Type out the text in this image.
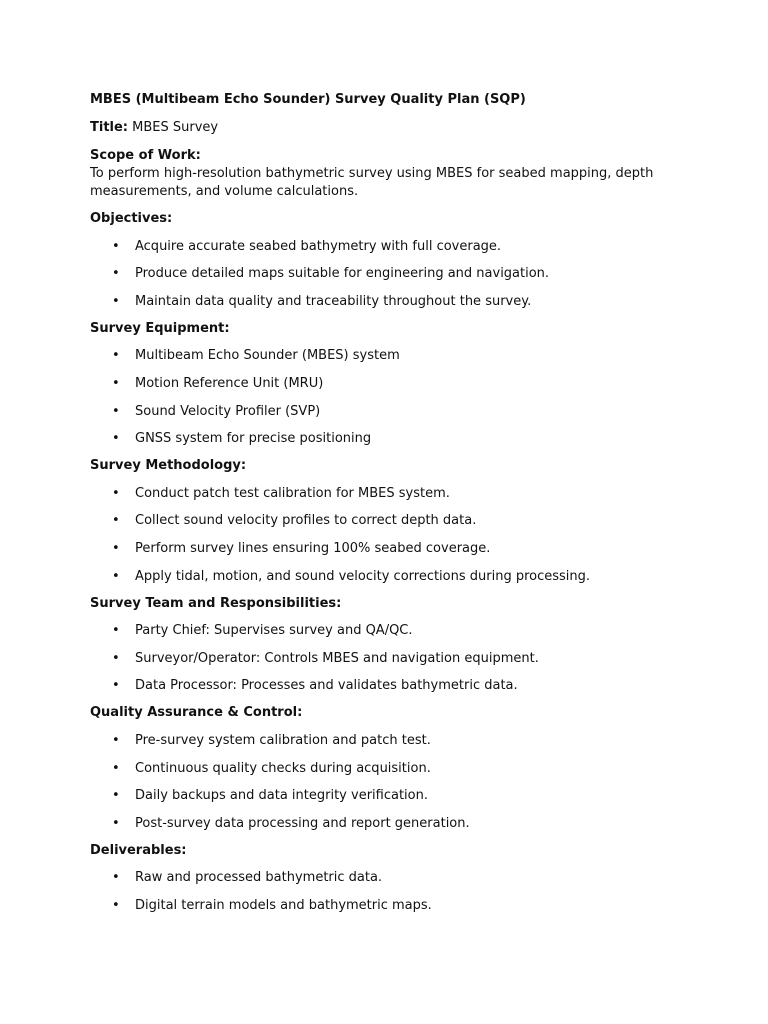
MBES (Multibeam Echo Sounder) Survey Quality Plan (SQP)
Title: MBES Survey
Scope of Work:
To perform high-resolution bathymetric survey using MBES for seabed mapping, depth measurements, and volume calculations.
Objectives:
• Acquire accurate seabed bathymetry with full coverage.
• Produce detailed maps suitable for engineering and navigation.
• Maintain data quality and traceability throughout the survey.
Survey Equipment:
• Multibeam Echo Sounder (MBES) system
• Motion Reference Unit (MRU)
• Sound Velocity Profiler (SVP)
• GNSS system for precise positioning
Survey Methodology:
• Conduct patch test calibration for MBES system.
• Collect sound velocity profiles to correct depth data.
• Perform survey lines ensuring 100% seabed coverage.
• Apply tidal, motion, and sound velocity corrections during processing.
Survey Team and Responsibilities:
• Party Chief: Supervises survey and QA/QC.
• Surveyor/Operator: Controls MBES and navigation equipment.
• Data Processor: Processes and validates bathymetric data.
Quality Assurance & Control:
• Pre-survey system calibration and patch test.
• Continuous quality checks during acquisition.
• Daily backups and data integrity verification.
• Post-survey data processing and report generation.
Deliverables:
• Raw and processed bathymetric data.
• Digital terrain models and bathymetric maps.
